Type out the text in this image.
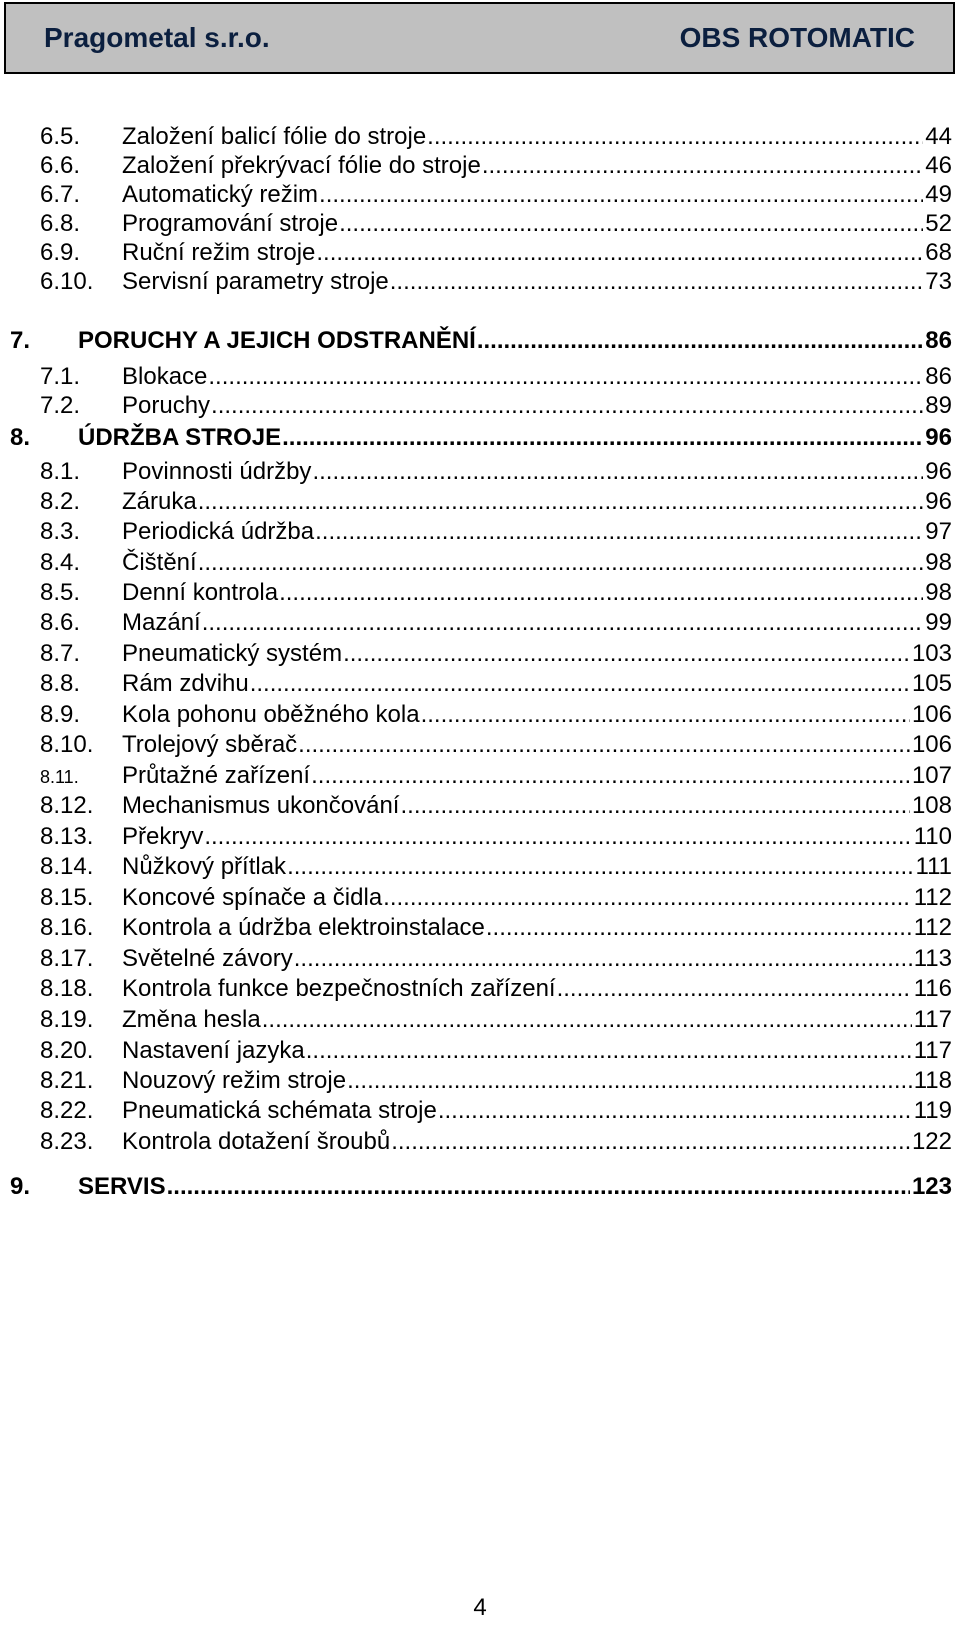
Pragometal s.r.o.	OBS ROTOMATIC
6.5.	Založení balicí fólie do stroje .....	44
6.6.	Založení překrývací fólie do stroje .....	46
6.7.	Automatický režim .....	49
6.8.	Programování stroje .....	52
6.9.	Ruční režim stroje .....	68
6.10.	Servisní parametry stroje .....	73
7.	PORUCHY A JEJICH ODSTRANĚNÍ .....	86
7.1.	Blokace .....	86
7.2.	Poruchy .....	89
8.	ÚDRŽBA STROJE .....	96
8.1.	Povinnosti údržby .....	96
8.2.	Záruka .....	96
8.3.	Periodická údržba .....	97
8.4.	Čištění .....	98
8.5.	Denní kontrola .....	98
8.6.	Mazání .....	99
8.7.	Pneumatický systém .....	103
8.8.	Rám zdvihu .....	105
8.9.	Kola pohonu oběžného kola .....	106
8.10.	Trolejový sběrač .....	106
8.11.	Průtažné zařízení .....	107
8.12.	Mechanismus ukončování .....	108
8.13.	Překryv .....	110
8.14.	Nůžkový přítlak .....	111
8.15.	Koncové spínače a čidla .....	112
8.16.	Kontrola a údržba elektroinstalace .....	112
8.17.	Světelné závory .....	113
8.18.	Kontrola funkce bezpečnostních zařízení .....	116
8.19.	Změna hesla .....	117
8.20.	Nastavení jazyka .....	117
8.21.	Nouzový režim stroje .....	118
8.22.	Pneumatická schémata stroje .....	119
8.23.	Kontrola dotažení šroubů .....	122
9.	SERVIS .....	123
4
